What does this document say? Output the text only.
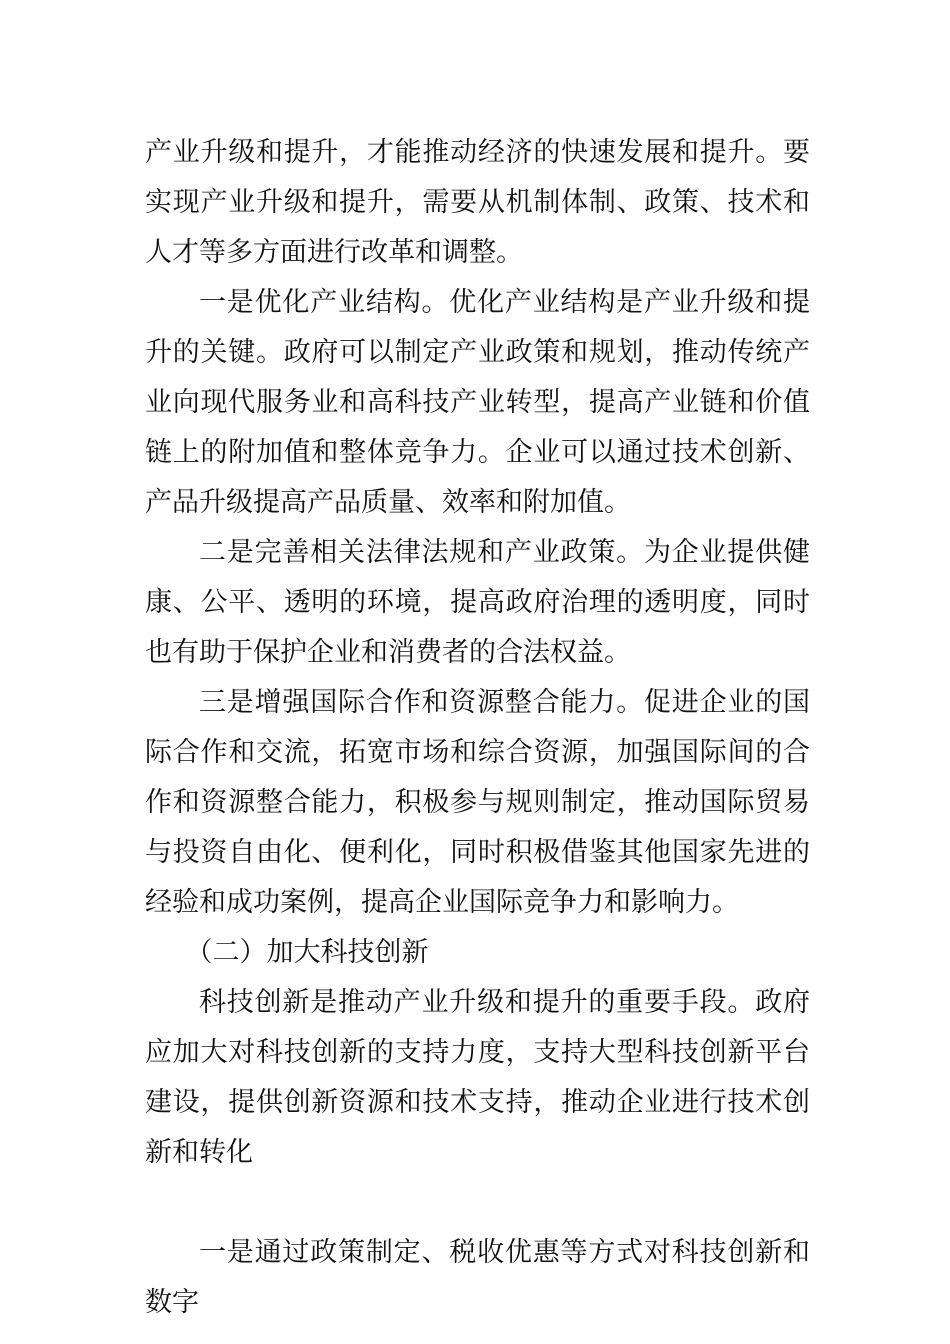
产业升级和提升，才能推动经济的快速发展和提升。要实现产业升级和提升，需要从机制体制、政策、技术和人才等多方面进行改革和调整。

一是优化产业结构。优化产业结构是产业升级和提升的关键。政府可以制定产业政策和规划，推动传统产业向现代服务业和高科技产业转型，提高产业链和价值链上的附加值和整体竞争力。企业可以通过技术创新、产品升级提高产品质量、效率和附加值。

二是完善相关法律法规和产业政策。为企业提供健康、公平、透明的环境，提高政府治理的透明度，同时也有助于保护企业和消费者的合法权益。

三是增强国际合作和资源整合能力。促进企业的国际合作和交流，拓宽市场和综合资源，加强国际间的合作和资源整合能力，积极参与规则制定，推动国际贸易与投资自由化、便利化，同时积极借鉴其他国家先进的经验和成功案例，提高企业国际竞争力和影响力。

（二）加大科技创新

科技创新是推动产业升级和提升的重要手段。政府应加大对科技创新的支持力度，支持大型科技创新平台建设，提供创新资源和技术支持，推动企业进行技术创新和转化

一是通过政策制定、税收优惠等方式对科技创新和数字
